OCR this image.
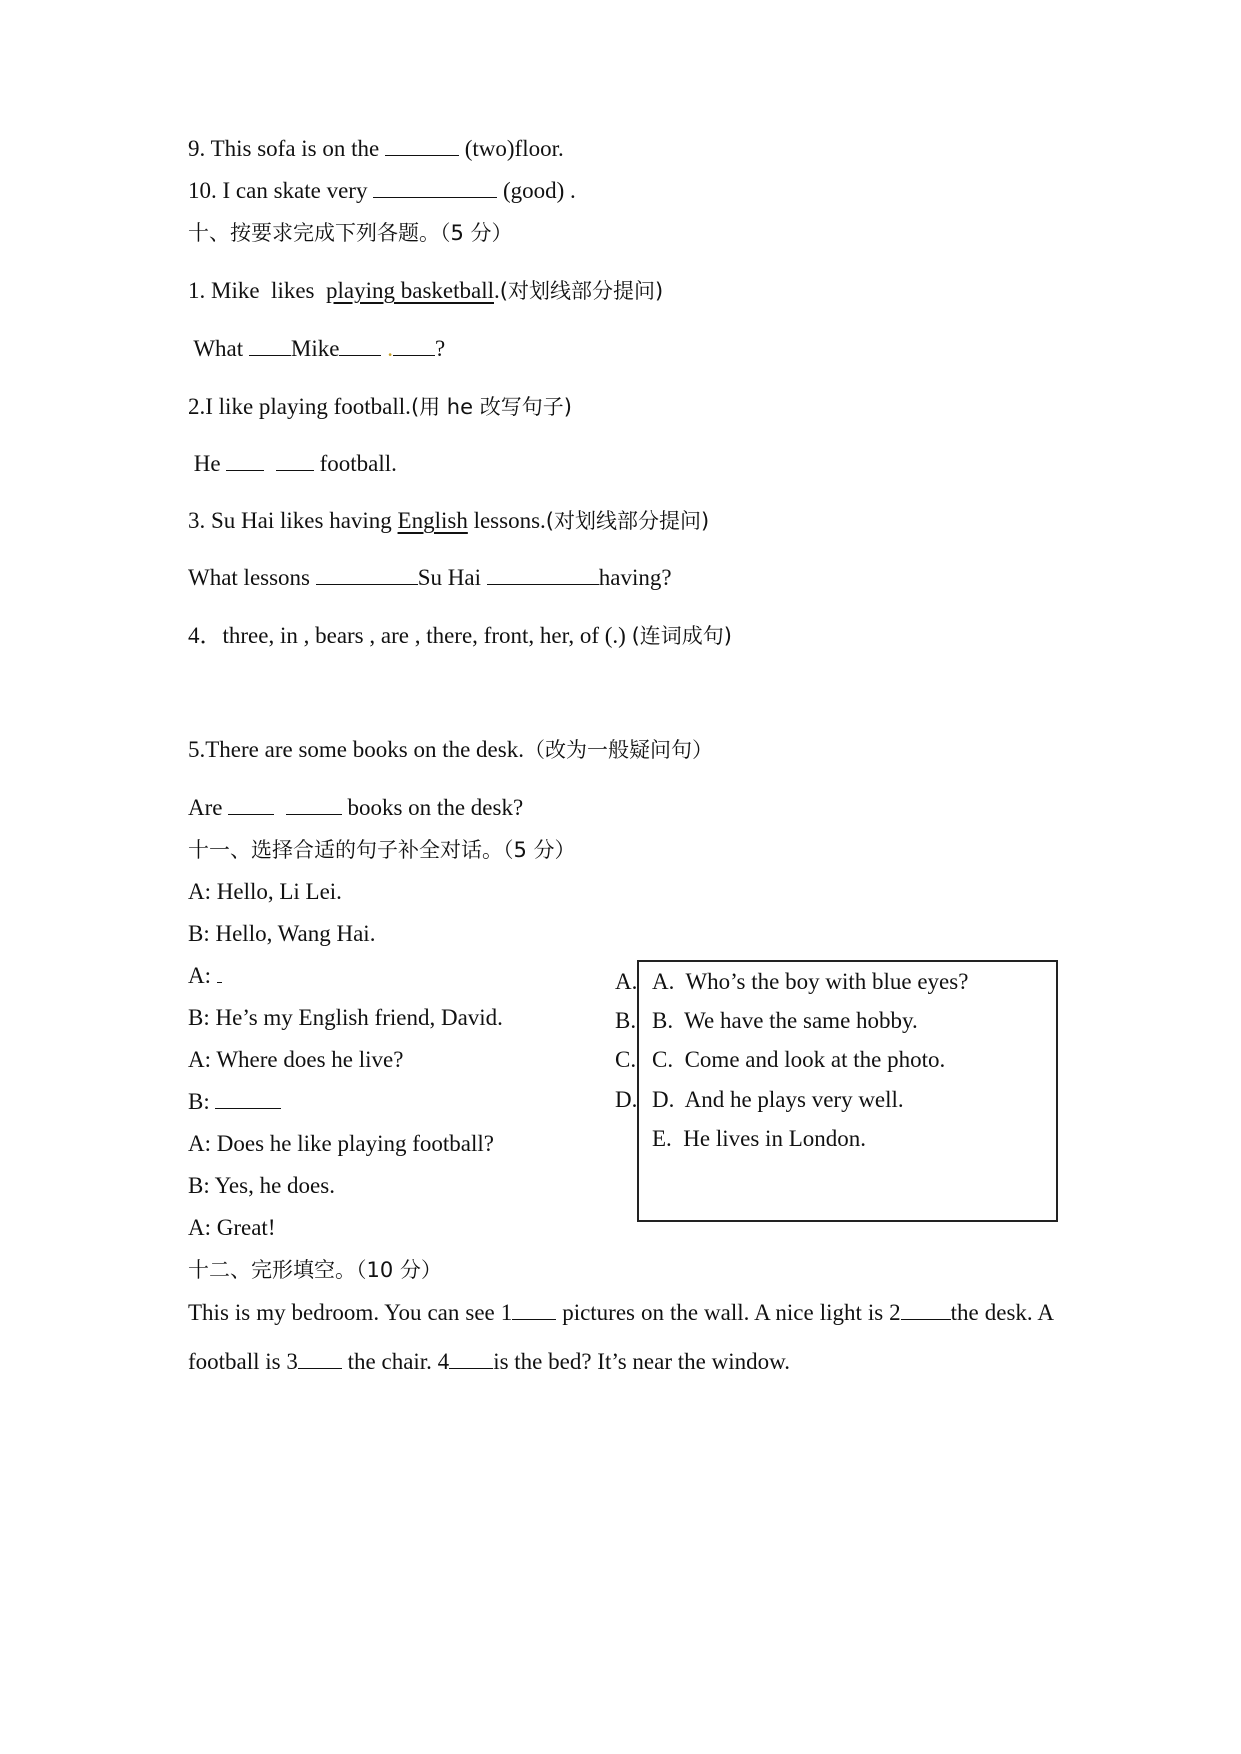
9. This sofa is on the	(two)floor.
10. I can skate very	(good) .
十、按要求完成下列各题。（5 分）
1. Mike  likes  playing basketball.(对划线部分提问)
What Mike . ?
2.I like playing football.(用 he 改写句子)
He	football.
3. Su Hai likes having English lessons.(对划线部分提问)
What lessons	Su Hai	having?
4．three, in , bears , are , there, front, her, of (.) (连词成句)
5.There are some books on the desk.（改为一般疑问句）
Are	books on the desk?
十一、选择合适的句子补全对话。（5 分）
A: Hello, Li Lei.
B: Hello, Wang Hai.
A:
B: He’s my English friend, David.
A: Where does he live?
B:
A: Does he like playing football?
B: Yes, he does.
A: Great!
A.
B.
C.
D.
A.  Who’s the boy with blue eyes?
B.  We have the same hobby.
C.  Come and look at the photo.
D.  And he plays very well.
E.  He lives in London.
十二、完形填空。（10 分）
This is my bedroom. You can see 1 pictures on the wall. A nice light is 2 the desk. A football is 3 the chair. 4 is the bed? It’s near the window.
